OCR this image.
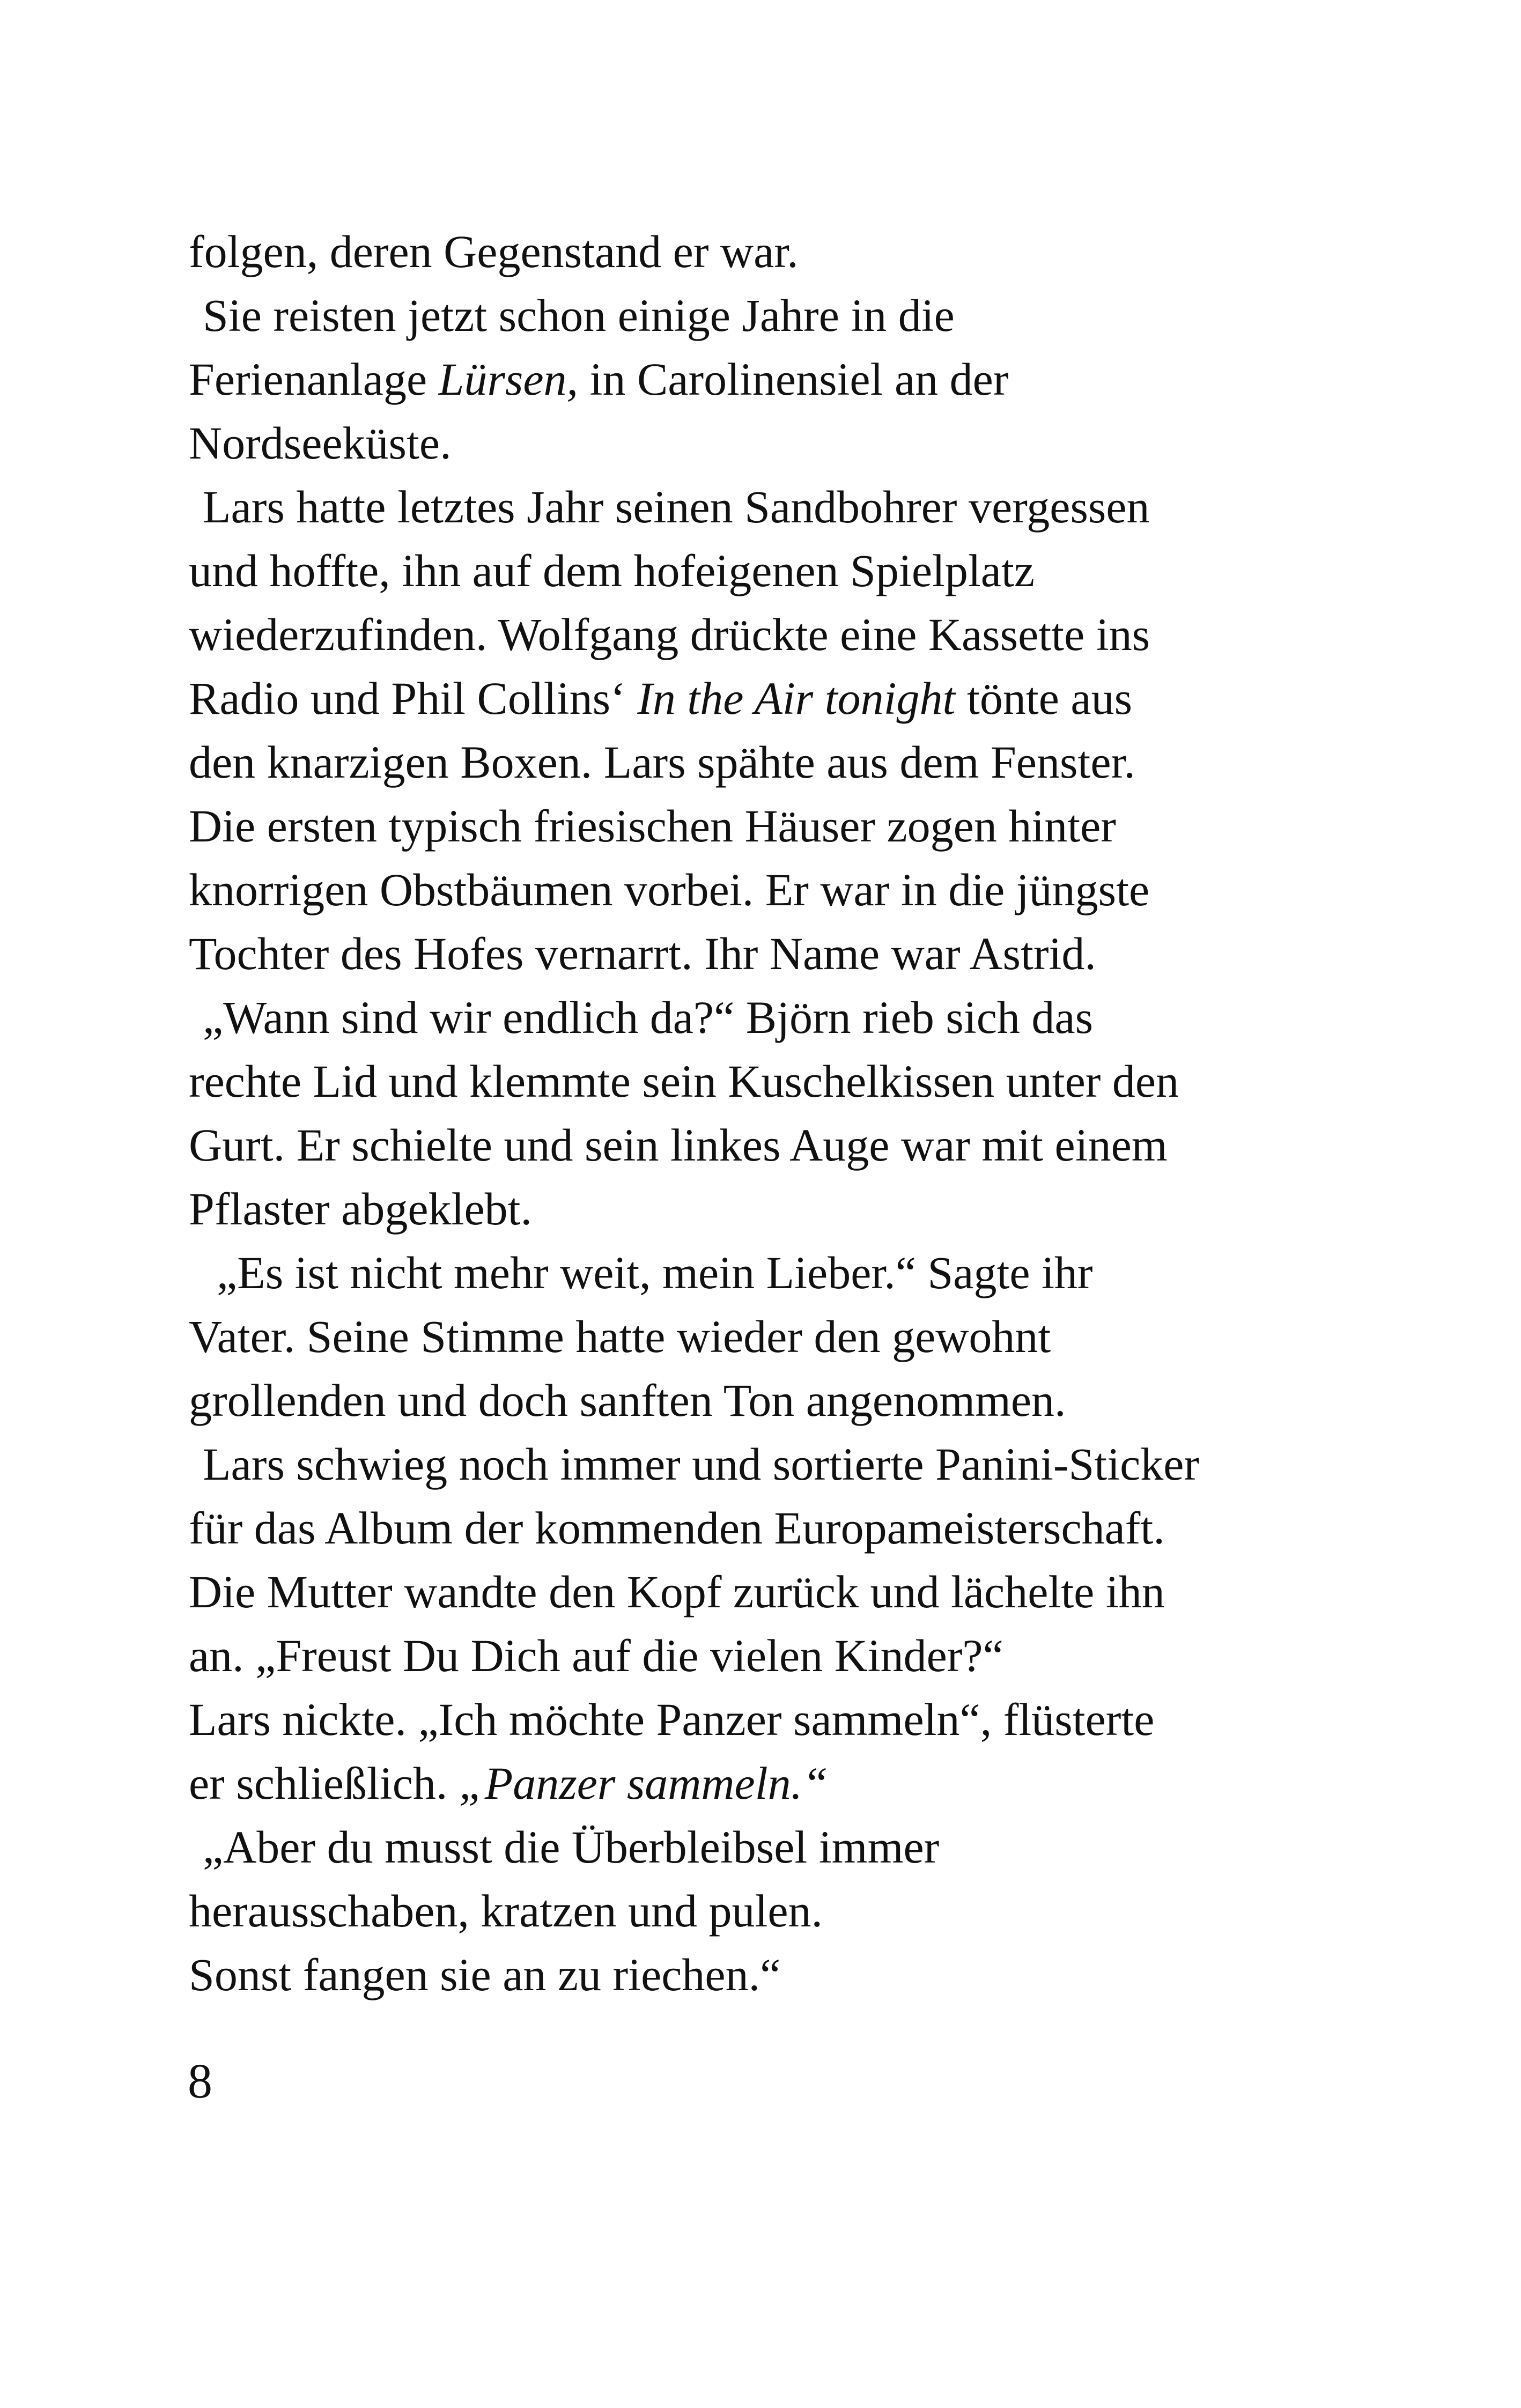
folgen, deren Gegenstand er war.
Sie reisten jetzt schon einige Jahre in die
Ferienanlage Lürsen, in Carolinensiel an der
Nordseeküste.
Lars hatte letztes Jahr seinen Sandbohrer vergessen
und hoffte, ihn auf dem hofeigenen Spielplatz
wiederzufinden. Wolfgang drückte eine Kassette ins
Radio und Phil Collins‘ In the Air tonight tönte aus
den knarzigen Boxen. Lars spähte aus dem Fenster.
Die ersten typisch friesischen Häuser zogen hinter
knorrigen Obstbäumen vorbei. Er war in die jüngste
Tochter des Hofes vernarrt. Ihr Name war Astrid.
„Wann sind wir endlich da?“ Björn rieb sich das
rechte Lid und klemmte sein Kuschelkissen unter den
Gurt. Er schielte und sein linkes Auge war mit einem
Pflaster abgeklebt.
„Es ist nicht mehr weit, mein Lieber.“ Sagte ihr
Vater. Seine Stimme hatte wieder den gewohnt
grollenden und doch sanften Ton angenommen.
Lars schwieg noch immer und sortierte Panini-Sticker
für das Album der kommenden Europameisterschaft.
Die Mutter wandte den Kopf zurück und lächelte ihn
an. „Freust Du Dich auf die vielen Kinder?“
Lars nickte. „Ich möchte Panzer sammeln“, flüsterte
er schließlich. „Panzer sammeln.“
„Aber du musst die Überbleibsel immer
herausschaben, kratzen und pulen.
Sonst fangen sie an zu riechen.“
8
